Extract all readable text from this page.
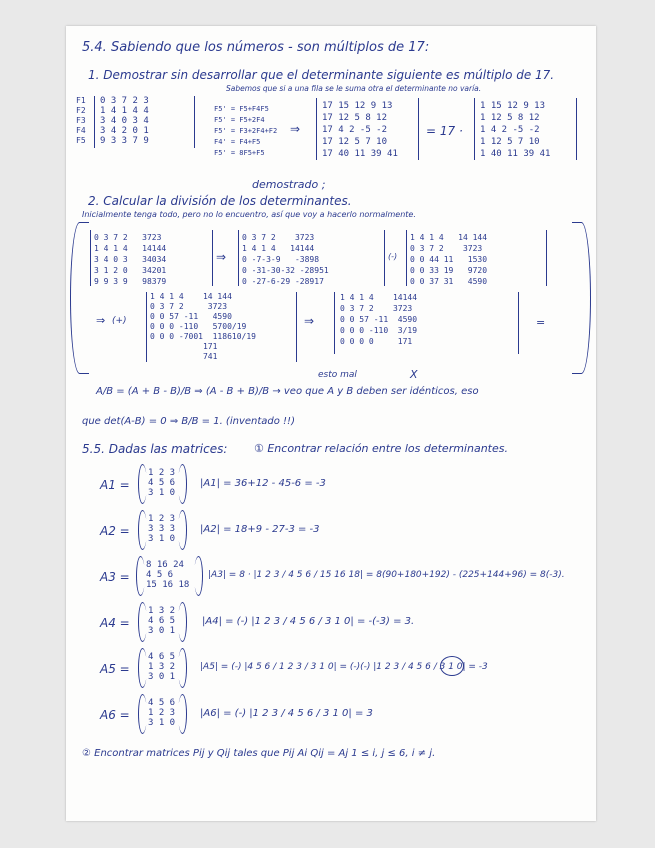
5.4. Sabiendo que los números - son múltiplos de 17:
1. Demostrar sin desarrollar que el determinante siguiente es múltiplo de 17.
F1
F2
F3
F4
F5
0 3 7 2 3
1 4 1 4 4
3 4 0 3 4
3 4 2 0 1
9 3 3 7 9
Sabemos que si a una fila se le suma otra el determinante no varía.
F5' = F5+F4F5
F5' = F5+2F4
F5' = F3+2F4+F2
F4' = F4+F5
F5' = 8F5+F5
⇒
17 15 12 9 13
17 12 5 8 12
17 4 2 -5 -2
17 12 5 7 10
17 40 11 39 41
= 17 ·
1 15 12 9 13
1 12 5 8 12
1 4 2 -5 -2
1 12 5 7 10
1 40 11 39 41
demostrado ;
2. Calcular la división de los determinantes.
Inicialmente tenga todo, pero no lo encuentro, así que voy a hacerlo normalmente.
0 3 7 2   3723
1 4 1 4   14144
3 4 0 3   34034
3 1 2 0   34201
9 9 3 9   98379
⇒
0 3 7 2    3723
1 4 1 4   14144
0 -7-3-9   -3898
0 -31-30-32 -28951
0 -27-6-29 -28917
(-)
1 4 1 4   14 144
0 3 7 2    3723
0 0 44 11   1530
0 0 33 19   9720
0 0 37 31   4590
⇒ (+)
1 4 1 4    14 144
0 3 7 2     3723
0 0 57 -11   4590
0 0 0 -110   5700/19
0 0 0 -7001  118610/19
171
741
⇒
1 4 1 4    14144
0 3 7 2    3723
0 0 57 -11  4590
0 0 0 -110  3/19
0 0 0 0     171
=
esto mal	X
A/B = (A + B - B)/B ⇒ (A - B + B)/B → veo que A y B deben ser idénticos, eso
que det(A-B) = 0 ⇒ B/B = 1. (inventado !!)
5.5. Dadas las matrices: ① Encontrar relación entre los determinantes.
A1 =
1 2 3
4 5 6
3 1 0
|A1| = 36+12 - 45-6 = -3
A2 =
1 2 3
3 3 3
3 1 0
|A2| = 18+9 - 27-3 = -3
A3 =
8 16 24
4 5 6
15 16 18
|A3| = 8 · |1 2 3 / 4 5 6 / 15 16 18| = 8(90+180+192) - (225+144+96) = 8(-3).
A4 =
1 3 2
4 6 5
3 0 1
|A4| = (-) |1 2 3 / 4 5 6 / 3 1 0| = -(-3) = 3.
A5 =
4 6 5
1 3 2
3 0 1
|A5| = (-) |4 5 6 / 1 2 3 / 3 1 0| = (-)(-) |1 2 3 / 4 5 6 / 3 1 0| = -3
A6 =
4 5 6
1 2 3
3 1 0
|A6| = (-) |1 2 3 / 4 5 6 / 3 1 0| = 3
② Encontrar matrices Pij y Qij tales que Pij Ai Qij = Aj 1 ≤ i, j ≤ 6, i ≠ j.
